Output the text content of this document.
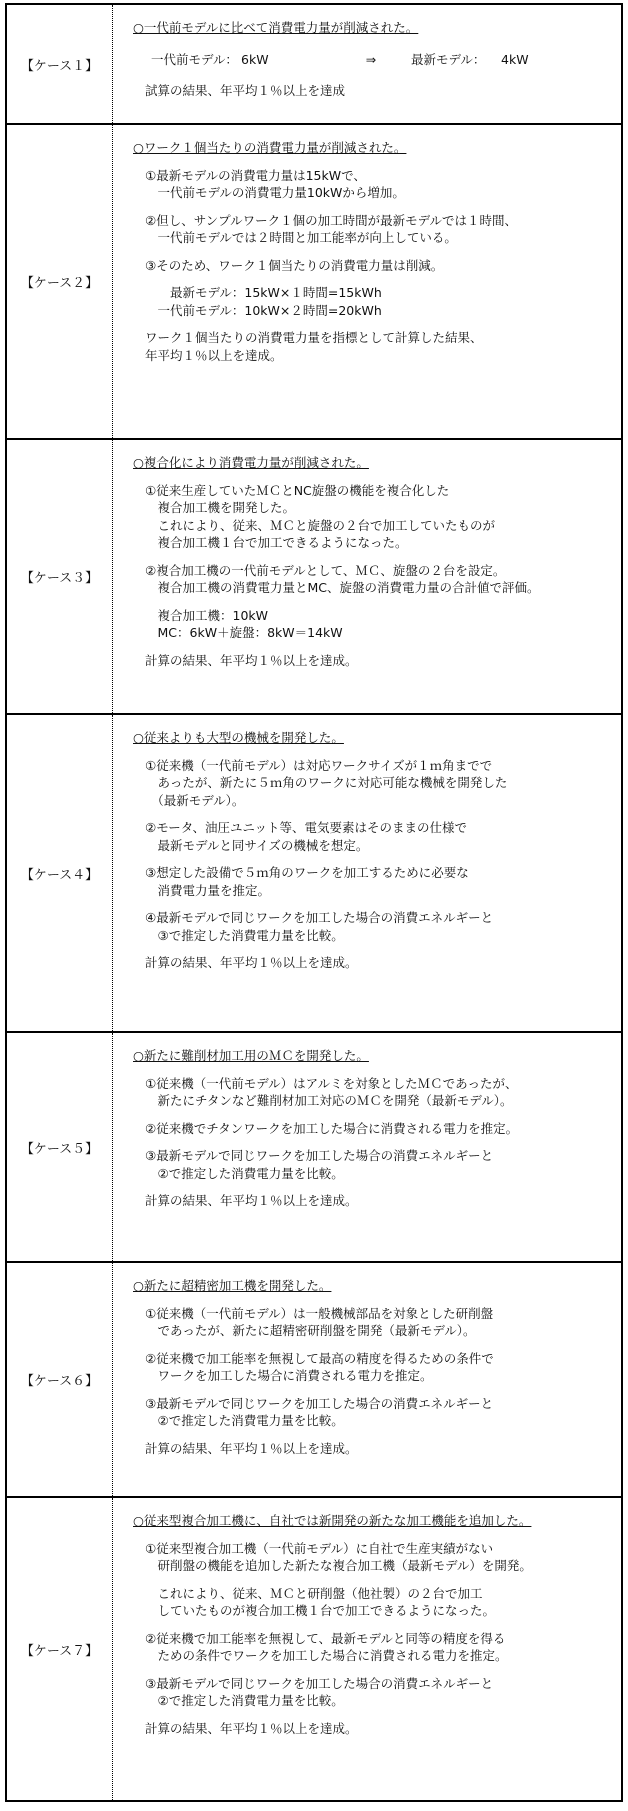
【ケース１】
○一代前モデルに比べて消費電力量が削減された。
一代前モデル： 6kW	⇒	最新モデル：	4kW
試算の結果、年平均１％以上を達成
【ケース２】
○ワーク１個当たりの消費電力量が削減された。
①最新モデルの消費電力量は15kWで、
　一代前モデルの消費電力量10kWから増加。
②但し、サンプルワーク１個の加工時間が最新モデルでは１時間、
　一代前モデルでは２時間と加工能率が向上している。
③そのため、ワーク１個当たりの消費電力量は削減。
　　最新モデル：15kW×１時間=15kWh
　一代前モデル：10kW×２時間=20kWh
ワーク１個当たりの消費電力量を指標として計算した結果、
年平均１％以上を達成。
【ケース３】
○複合化により消費電力量が削減された。
①従来生産していたＭＣとNC旋盤の機能を複合化した
　複合加工機を開発した。
　これにより、従来、ＭＣと旋盤の２台で加工していたものが
　複合加工機１台で加工できるようになった。
②複合加工機の一代前モデルとして、ＭＣ、旋盤の２台を設定。
　複合加工機の消費電力量とMC、旋盤の消費電力量の合計値で評価。
　複合加工機：10kW
　MC：6kW＋旋盤：8kW＝14kW
計算の結果、年平均１％以上を達成。
【ケース４】
○従来よりも大型の機械を開発した。
①従来機（一代前モデル）は対応ワークサイズが１ｍ角までで
　あったが、新たに５ｍ角のワークに対応可能な機械を開発した
　（最新モデル）。
②モータ、油圧ユニット等、電気要素はそのままの仕様で
　最新モデルと同サイズの機械を想定。
③想定した設備で５ｍ角のワークを加工するために必要な
　消費電力量を推定。
④最新モデルで同じワークを加工した場合の消費エネルギーと
　③で推定した消費電力量を比較。
計算の結果、年平均１％以上を達成。
【ケース５】
○新たに難削材加工用のＭＣを開発した。
①従来機（一代前モデル）はアルミを対象としたＭＣであったが、
　新たにチタンなど難削材加工対応のＭＣを開発（最新モデル）。
②従来機でチタンワークを加工した場合に消費される電力を推定。
③最新モデルで同じワークを加工した場合の消費エネルギーと
　②で推定した消費電力量を比較。
計算の結果、年平均１％以上を達成。
【ケース６】
○新たに超精密加工機を開発した。
①従来機（一代前モデル）は一般機械部品を対象とした研削盤
　であったが、新たに超精密研削盤を開発（最新モデル）。
②従来機で加工能率を無視して最高の精度を得るための条件で
　ワークを加工した場合に消費される電力を推定。
③最新モデルで同じワークを加工した場合の消費エネルギーと
　②で推定した消費電力量を比較。
計算の結果、年平均１％以上を達成。
【ケース７】
○従来型複合加工機に、自社では新開発の新たな加工機能を追加した。
①従来型複合加工機（一代前モデル）に自社で生産実績がない
　研削盤の機能を追加した新たな複合加工機（最新モデル）を開発。
　これにより、従来、ＭＣと研削盤（他社製）の２台で加工
　していたものが複合加工機１台で加工できるようになった。
②従来機で加工能率を無視して、最新モデルと同等の精度を得る
　ための条件でワークを加工した場合に消費される電力を推定。
③最新モデルで同じワークを加工した場合の消費エネルギーと
　②で推定した消費電力量を比較。
計算の結果、年平均１％以上を達成。
